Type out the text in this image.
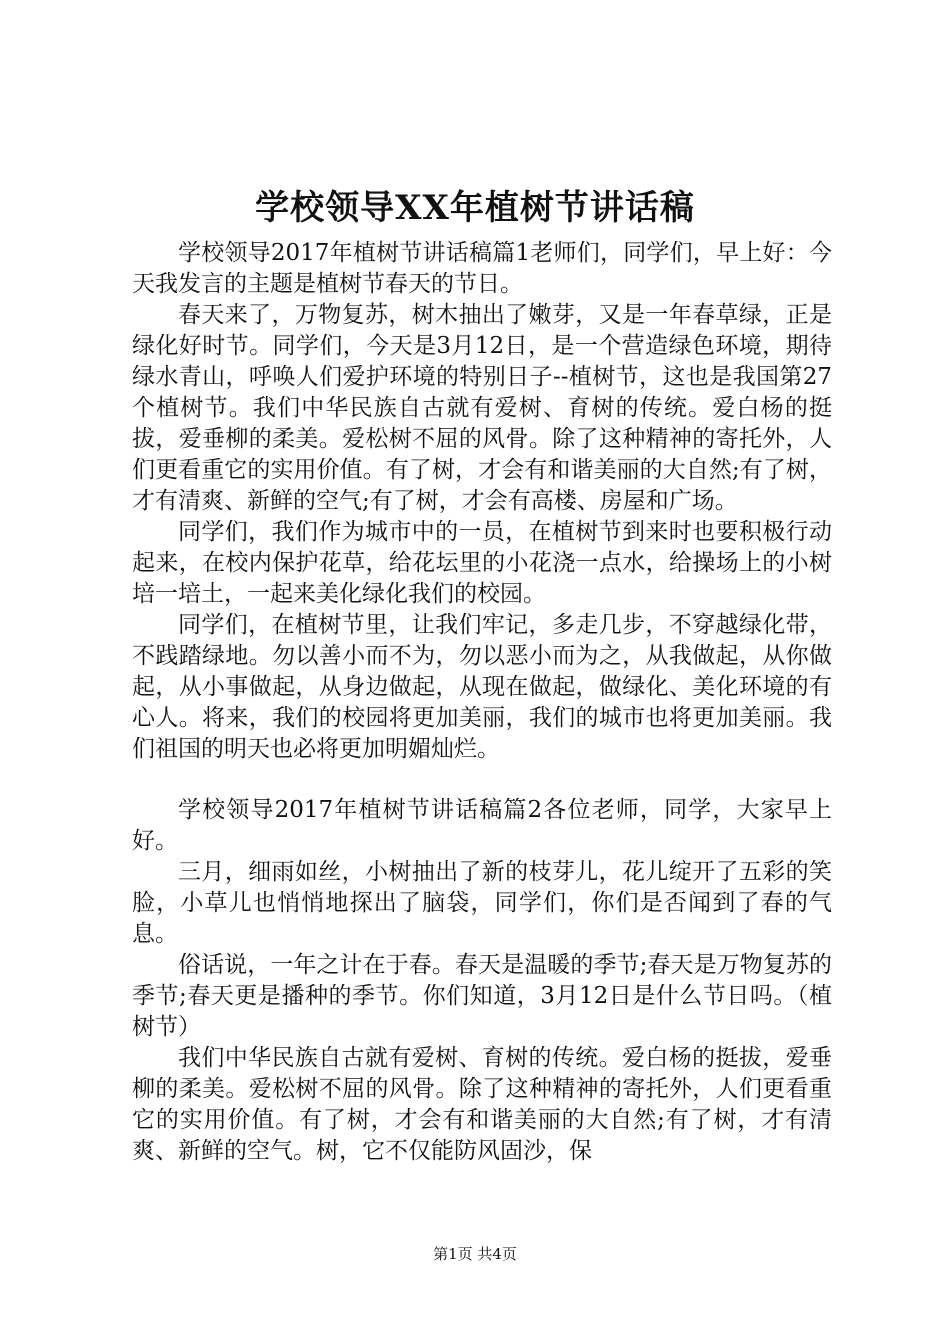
学校领导XX年植树节讲话稿

学校领导2017年植树节讲话稿篇1老师们，同学们，早上好：今天我发言的主题是植树节春天的节日。

春天来了，万物复苏，树木抽出了嫩芽，又是一年春草绿，正是绿化好时节。同学们，今天是3月12日，是一个营造绿色环境，期待绿水青山，呼唤人们爱护环境的特别日子--植树节，这也是我国第27个植树节。我们中华民族自古就有爱树、育树的传统。爱白杨的挺拔，爱垂柳的柔美。爱松树不屈的风骨。除了这种精神的寄托外，人们更看重它的实用价值。有了树，才会有和谐美丽的大自然;有了树，才有清爽、新鲜的空气;有了树，才会有高楼、房屋和广场。

同学们，我们作为城市中的一员，在植树节到来时也要积极行动起来，在校内保护花草，给花坛里的小花浇一点水，给操场上的小树培一培土，一起来美化绿化我们的校园。

同学们，在植树节里，让我们牢记，多走几步，不穿越绿化带，不践踏绿地。勿以善小而不为，勿以恶小而为之，从我做起，从你做起，从小事做起，从身边做起，从现在做起，做绿化、美化环境的有心人。将来，我们的校园将更加美丽，我们的城市也将更加美丽。我们祖国的明天也必将更加明媚灿烂。

学校领导2017年植树节讲话稿篇2各位老师，同学，大家早上好。

三月，细雨如丝，小树抽出了新的枝芽儿，花儿绽开了五彩的笑脸，小草儿也悄悄地探出了脑袋，同学们，你们是否闻到了春的气息。

俗话说，一年之计在于春。春天是温暖的季节;春天是万物复苏的季节;春天更是播种的季节。你们知道，3月12日是什么节日吗。（植树节）

我们中华民族自古就有爱树、育树的传统。爱白杨的挺拔，爱垂柳的柔美。爱松树不屈的风骨。除了这种精神的寄托外，人们更看重它的实用价值。有了树，才会有和谐美丽的大自然;有了树，才有清爽、新鲜的空气。树，它不仅能防风固沙，保

第1页 共4页
